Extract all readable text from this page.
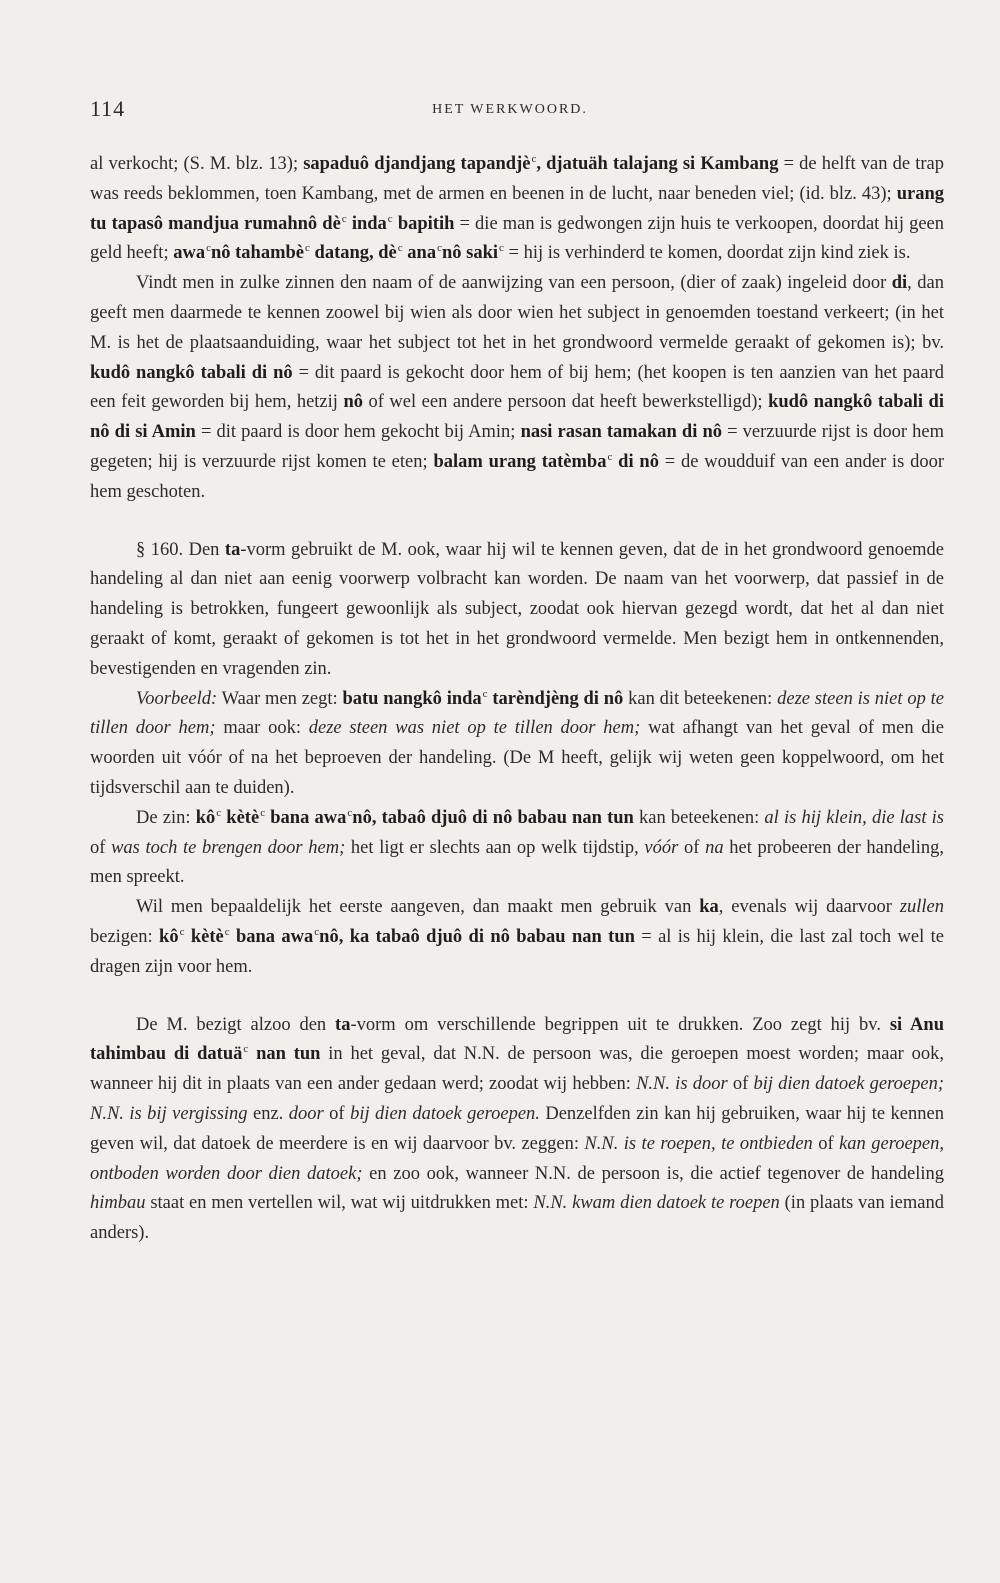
114	HET WERKWOORD.

al verkocht; (S. M. blz. 13); sapaduô djandjang tapandjè$^c$, djatuäh talajang si Kambang = de helft van de trap was reeds beklommen, toen Kambang, met de armen en beenen in de lucht, naar beneden viel; (id. blz. 43); urang tu tapasô mandjua rumahnô $dè^c$ inda$^c$ bapitih = die man is gedwongen zijn huis te verkoopen, doordat hij geen geld heeft; awa$^c$nô tahambè$^c$ datang, $dè^c$ ana$^c$nô saki$^c$ = hij is verhinderd te komen, doordat zijn kind ziek is.

Vindt men in zulke zinnen den naam of de aanwijzing van een persoon, (dier of zaak) ingeleid door di, dan geeft men daarmede te kennen zoowel bij wien als door wien het subject in genoemden toestand verkeert; (in het M. is het de plaatsaanduiding, waar het subject tot het in het grondwoord vermelde geraakt of gekomen is); bv. kudô nangkô tabali di nô = dit paard is gekocht door hem of bij hem; (het koopen is ten aanzien van het paard een feit geworden bij hem, hetzij nô of wel een andere persoon dat heeft bewerkstelligd); kudô nangkô tabali di nô di si Amin = dit paard is door hem gekocht bij Amin; nasi rasan tamakan di nô = verzuurde rijst is door hem gegeten; hij is verzuurde rijst komen te eten; balam urang tatèmba$^c$ di nô = de woudduif van een ander is door hem geschoten.

§ 160. Den ta-vorm gebruikt de M. ook, waar hij wil te kennen geven, dat de in het grondwoord genoemde handeling al dan niet aan eenig voorwerp volbracht kan worden. De naam van het voorwerp, dat passief in de handeling is betrokken, fungeert gewoonlijk als subject, zoodat ook hiervan gezegd wordt, dat het al dan niet geraakt of komt, geraakt of gekomen is tot het in het grondwoord vermelde. Men bezigt hem in ontkennenden, bevestigenden en vragenden zin.

Voorbeeld: Waar men zegt: batu nangkô inda$^c$ tarèndjèng di nô kan dit beteekenen: deze steen is niet op te tillen door hem; maar ook: deze steen was niet op te tillen door hem; wat afhangt van het geval of men die woorden uit vóór of na het beproeven der handeling. (De M heeft, gelijk wij weten geen koppelwoord, om het tijdsverschil aan te duiden).

De zin: $kô^c$ kètè$^c$ bana awa$^c$nô, tabaô djuô di nô babau nan tun kan beteekenen: al is hij klein, die last is of was toch te brengen door hem; het ligt er slechts aan op welk tijdstip, vóór of na het probeeren der handeling, men spreekt.

Wil men bepaaldelijk het eerste aangeven, dan maakt men gebruik van ka, evenals wij daarvoor zullen bezigen: $kô^c$ kètè$^c$ bana awa$^c$nô, ka tabaô djuô di nô babau nan tun = al is hij klein, die last zal toch wel te dragen zijn voor hem.

De M. bezigt alzoo den ta-vorm om verschillende begrippen uit te drukken. Zoo zegt hij bv. si Anu tahimbau di datuä$^c$ nan tun in het geval, dat N.N. de persoon was, die geroepen moest worden; maar ook, wanneer hij dit in plaats van een ander gedaan werd; zoodat wij hebben: N.N. is door of bij dien datoek geroepen; N.N. is bij vergissing enz. door of bij dien datoek geroepen. Denzelfden zin kan hij gebruiken, waar hij te kennen geven wil, dat datoek de meerdere is en wij daarvoor bv. zeggen: N.N. is te roepen, te ontbieden of kan geroepen, ontboden worden door dien datoek; en zoo ook, wanneer N.N. de persoon is, die actief tegenover de handeling himbau staat en men vertellen wil, wat wij uitdrukken met: N.N. kwam dien datoek te roepen (in plaats van iemand anders).
